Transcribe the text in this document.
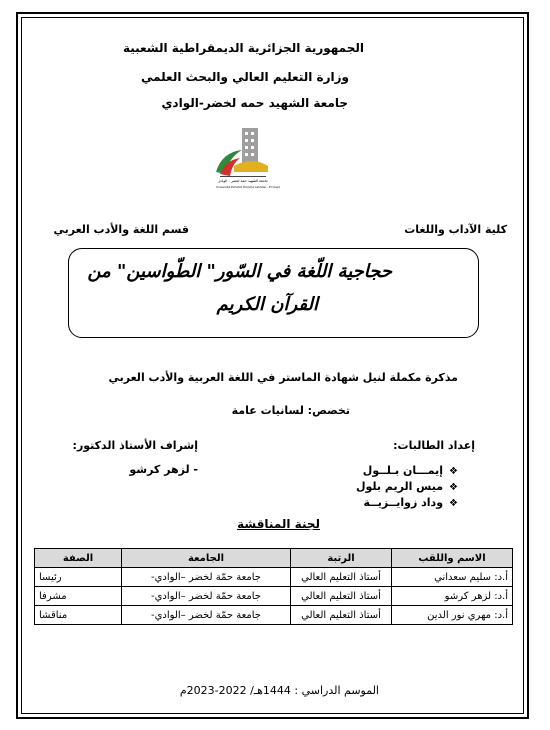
الجمهورية الجزائرية الديمقراطية الشعبية
وزارة التعليم العالي والبحث العلمي
جامعة الشهيد حمه لخضر-الوادي
جامعة الشهيد حمة لخضر - الوادي
Université Echahid Hamma Lakhdar - El Oued
كلية الآداب واللغات
قسم اللغة والأدب العربي
حجاجية اللّغة في السّور" الطّواسين" من
القرآن الكريم
مذكرة مكملة لنيل شهادة الماستر في اللغة العربية والأدب العربي
تخصص: لسانيات عامة
إعداد الطالبات:
إشراف الأستاذ الدكتور:
❖ إيمـــان بـلــول
❖ ميس الريم بلول
❖ وداد زوايــزيــة
- لزهر كرشو
لجنة المناقشة
الاسم واللقب	الرتبة	الجامعة	الصفة
أ.د: سليم سعداني	أستاذ التعليم العالي	جامعة حمّة لخضر –الوادي-	رئيسا
أ.د: لزهر كرشو	أستاذ التعليم العالي	جامعة حمّة لخضر –الوادي-	مشرفا
أ.د: مهري نور الدين	أستاذ التعليم العالي	جامعة حمّة لخضر –الوادي-	مناقشا
الموسم الدراسي : 1444هـ/ 2022-2023م
